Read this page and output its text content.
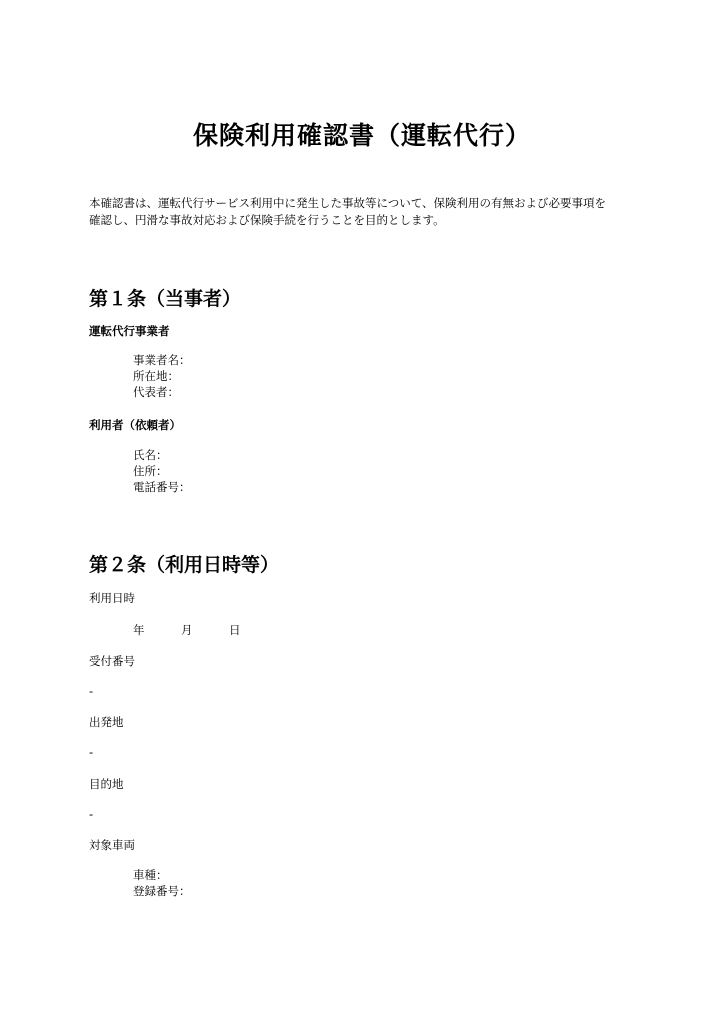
保険利用確認書（運転代行）
本確認書は、運転代行サービス利用中に発生した事故等について、保険利用の有無および必要事項を
確認し、円滑な事故対応および保険手続を行うことを目的とします。
第１条（当事者）
運転代行事業者
事業者名：
所在地：
代表者：
利用者（依頼者）
氏名：
住所：
電話番号：
第２条（利用日時等）
利用日時
年	月	日
受付番号
-
出発地
-
目的地
-
対象車両
車種：
登録番号：
